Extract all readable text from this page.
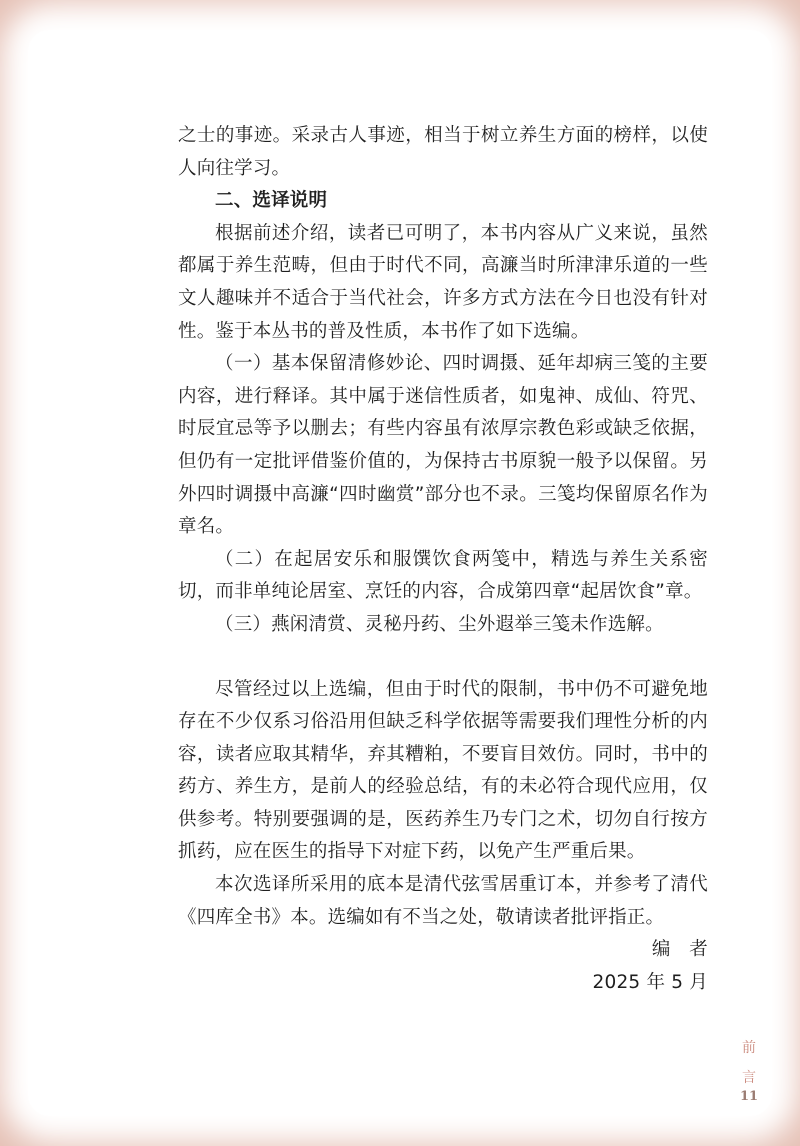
之士的事迹。采录古人事迹，相当于树立养生方面的榜样，以使人向往学习。

二、选译说明

根据前述介绍，读者已可明了，本书内容从广义来说，虽然都属于养生范畴，但由于时代不同，高濂当时所津津乐道的一些文人趣味并不适合于当代社会，许多方式方法在今日也没有针对性。鉴于本丛书的普及性质，本书作了如下选编。

（一）基本保留清修妙论、四时调摄、延年却病三笺的主要内容，进行释译。其中属于迷信性质者，如鬼神、成仙、符咒、时辰宜忌等予以删去；有些内容虽有浓厚宗教色彩或缺乏依据，但仍有一定批评借鉴价值的，为保持古书原貌一般予以保留。另外四时调摄中高濂“四时幽赏”部分也不录。三笺均保留原名作为章名。

（二）在起居安乐和服馔饮食两笺中，精选与养生关系密切，而非单纯论居室、烹饪的内容，合成第四章“起居饮食”章。

（三）燕闲清赏、灵秘丹药、尘外遐举三笺未作选解。

尽管经过以上选编，但由于时代的限制，书中仍不可避免地存在不少仅系习俗沿用但缺乏科学依据等需要我们理性分析的内容，读者应取其精华，弃其糟粕，不要盲目效仿。同时，书中的药方、养生方，是前人的经验总结，有的未必符合现代应用，仅供参考。特别要强调的是，医药养生乃专门之术，切勿自行按方抓药，应在医生的指导下对症下药，以免产生严重后果。

本次选译所采用的底本是清代弦雪居重订本，并参考了清代《四库全书》本。选编如有不当之处，敬请读者批评指正。

编　者

2025 年 5 月

前
言
11
